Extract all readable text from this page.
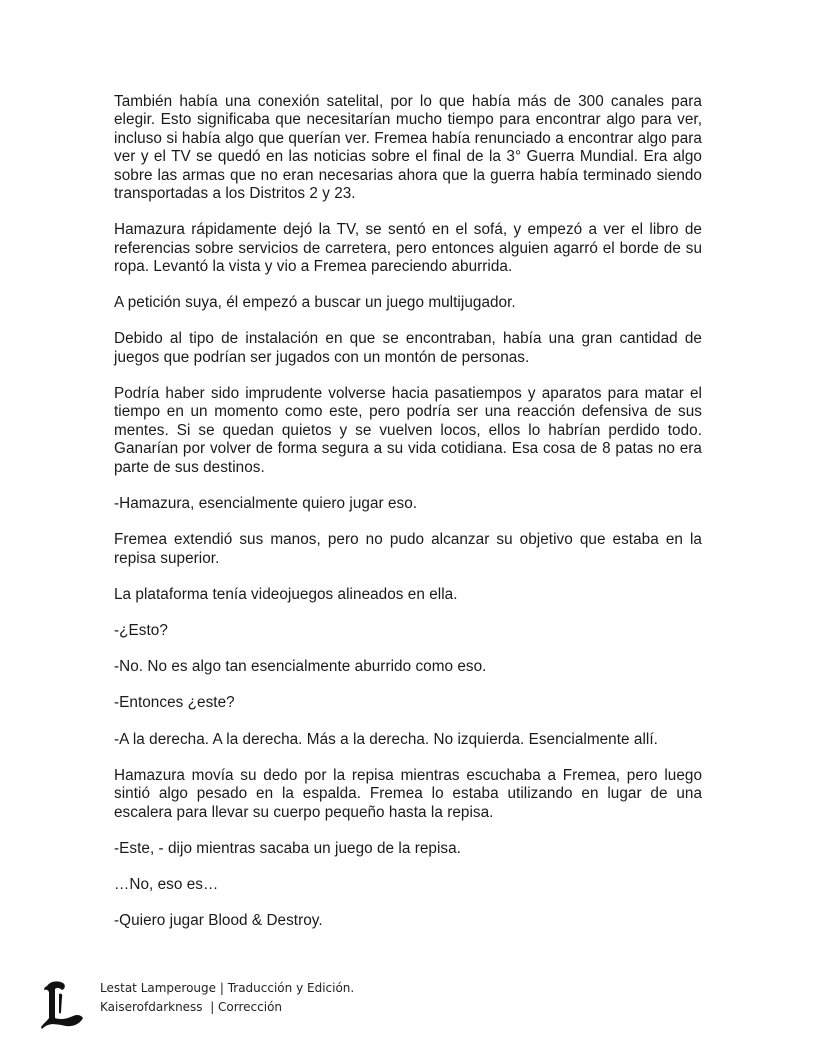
También había una conexión satelital, por lo que había más de 300 canales para elegir. Esto significaba que necesitarían mucho tiempo para encontrar algo para ver, incluso si había algo que querían ver. Fremea había renunciado a encontrar algo para ver y el TV se quedó en las noticias sobre el final de la 3° Guerra Mundial. Era algo sobre las armas que no eran necesarias ahora que la guerra había terminado siendo transportadas a los Distritos 2 y 23.

Hamazura rápidamente dejó la TV, se sentó en el sofá, y empezó a ver el libro de referencias sobre servicios de carretera, pero entonces alguien agarró el borde de su ropa. Levantó la vista y vio a Fremea pareciendo aburrida.

A petición suya, él empezó a buscar un juego multijugador.

Debido al tipo de instalación en que se encontraban, había una gran cantidad de juegos que podrían ser jugados con un montón de personas.

Podría haber sido imprudente volverse hacia pasatiempos y aparatos para matar el tiempo en un momento como este, pero podría ser una reacción defensiva de sus mentes. Si se quedan quietos y se vuelven locos, ellos lo habrían perdido todo. Ganarían por volver de forma segura a su vida cotidiana. Esa cosa de 8 patas no era parte de sus destinos.

-Hamazura, esencialmente quiero jugar eso.

Fremea extendió sus manos, pero no pudo alcanzar su objetivo que estaba en la repisa superior.

La plataforma tenía videojuegos alineados en ella.

-¿Esto?

-No. No es algo tan esencialmente aburrido como eso.

-Entonces ¿este?

-A la derecha. A la derecha. Más a la derecha. No izquierda. Esencialmente allí.

Hamazura movía su dedo por la repisa mientras escuchaba a Fremea, pero luego sintió algo pesado en la espalda. Fremea lo estaba utilizando en lugar de una escalera para llevar su cuerpo pequeño hasta la repisa.

-Este, - dijo mientras sacaba un juego de la repisa.

…No, eso es…

-Quiero jugar Blood & Destroy.

Lestat Lamperouge | Traducción y Edición.
Kaiserofdarkness  | Corrección
